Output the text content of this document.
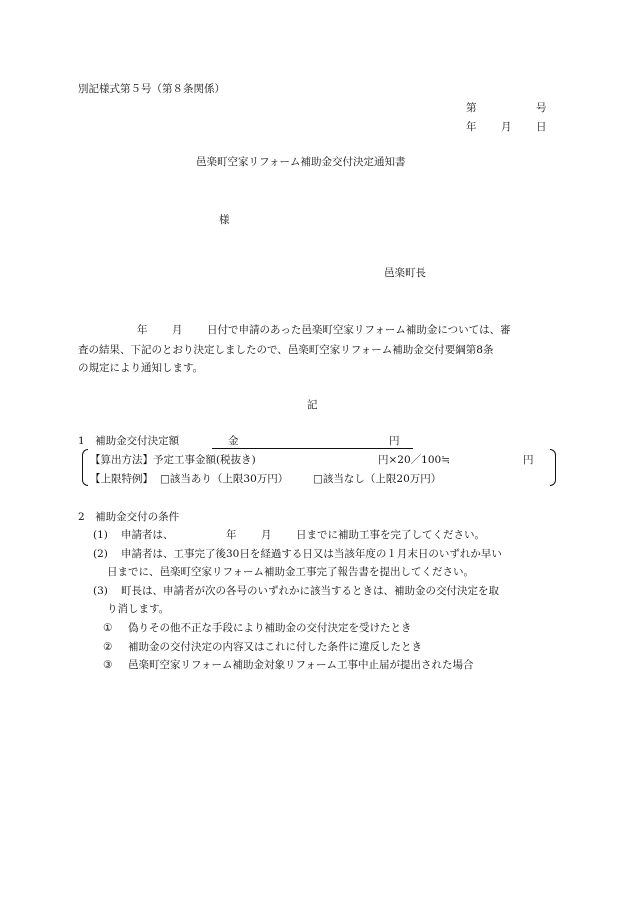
別記様式第５号（第８条関係）
第	号
年 月 日
邑楽町空家リフォーム補助金交付決定通知書
様
邑楽町長
年 月 日付で申請のあった邑楽町空家リフォーム補助金については、審
査の結果、下記のとおり決定しましたので、邑楽町空家リフォーム補助金交付要綱第8条
の規定により通知します。
記
1　補助金交付決定額	金	円
【算出方法】予定工事金額(税抜き)	円×20／100≒	円
【上限特例】 □該当あり（上限30万円） □該当なし（上限20万円）
2　補助金交付の条件
(1) 申請者は、	年 月 日までに補助工事を完了してください。
(2) 申請者は、工事完了後30日を経過する日又は当該年度の１月末日のいずれか早い
日までに、邑楽町空家リフォーム補助金工事完了報告書を提出してください。
(3) 町長は、申請者が次の各号のいずれかに該当するときは、補助金の交付決定を取
り消します。
① 偽りその他不正な手段により補助金の交付決定を受けたとき
② 補助金の交付決定の内容又はこれに付した条件に違反したとき
③ 邑楽町空家リフォーム補助金対象リフォーム工事中止届が提出された場合
